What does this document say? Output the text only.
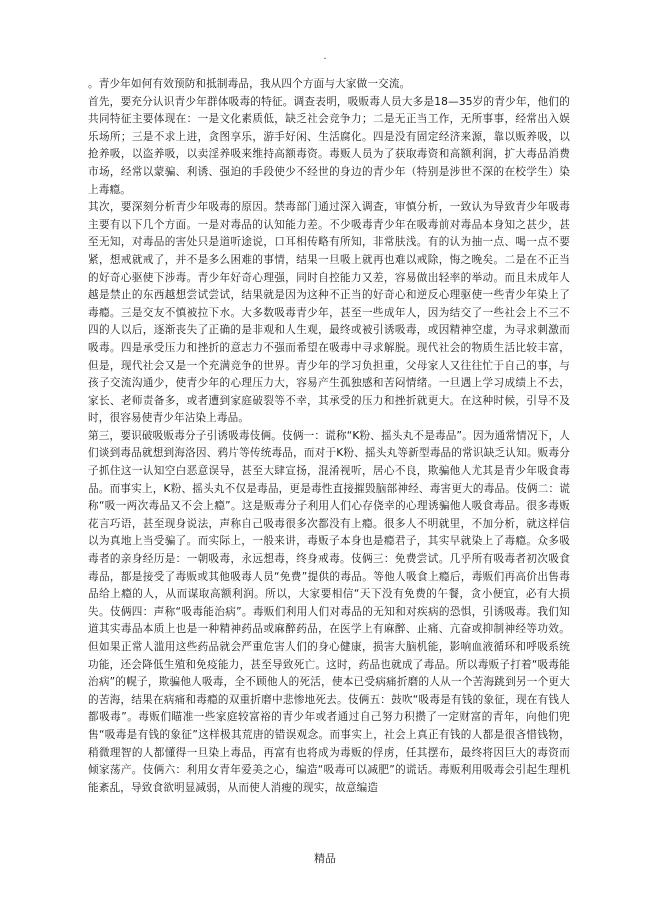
.

。青少年如何有效预防和抵制毒品，我从四个方面与大家做一交流。

首先，要充分认识青少年群体吸毒的特征。调查表明，吸贩毒人员大多是18—35岁的青少年，他们的共同特征主要体现在：一是文化素质低，缺乏社会竞争力；二是无正当工作，无所事事，经常出入娱乐场所；三是不求上进，贪图享乐，游手好闲、生活腐化。四是没有固定经济来源，靠以贩养吸，以抢养吸，以盗养吸，以卖淫养吸来维持高额毒资。毒贩人员为了获取毒资和高额利润，扩大毒品消费市场，经常以蒙骗、利诱、强迫的手段使少不经世的身边的青少年（特别是涉世不深的在校学生）染上毒瘾。

其次，要深刻分析青少年吸毒的原因。禁毒部门通过深入调查，审慎分析，一致认为导致青少年吸毒主要有以下几个方面。一是对毒品的认知能力差。不少吸毒青少年在吸毒前对毒品本身知之甚少，甚至无知，对毒品的害处只是道听途说，口耳相传略有所知，非常肤浅。有的认为抽一点、喝一点不要紧，想戒就戒了，并不是多么困难的事情，结果一旦吸上就再也难以戒除，悔之晚矣。二是在不正当的好奇心驱使下涉毒。青少年好奇心理强，同时自控能力又差，容易做出轻率的举动。而且未成年人越是禁止的东西越想尝试尝试，结果就是因为这种不正当的好奇心和逆反心理驱使一些青少年染上了毒瘾。三是交友不慎被拉下水。大多数吸毒青少年，甚至一些成年人，因为结交了一些社会上不三不四的人以后，逐渐丧失了正确的是非观和人生观，最终或被引诱吸毒，或因精神空虚，为寻求刺激而吸毒。四是承受压力和挫折的意志力不强而希望在吸毒中寻求解脱。现代社会的物质生活比较丰富，但是，现代社会又是一个充满竞争的世界。青少年的学习负担重，父母家人又往往忙于自己的事，与孩子交流沟通少，使青少年的心理压力大，容易产生孤独感和苦闷情绪。一旦遇上学习成绩上不去，家长、老师责备多，或者遭到家庭破裂等不幸，其承受的压力和挫折就更大。在这种时候，引导不及时，很容易使青少年沾染上毒品。

第三，要识破吸贩毒分子引诱吸毒伎俩。伎俩一：谎称“K粉、摇头丸不是毒品”。因为通常情况下，人们谈到毒品就想到海洛因、鸦片等传统毒品，而对于K粉、摇头丸等新型毒品的常识缺乏认知。贩毒分子抓住这一认知空白恶意误导，甚至大肆宣扬，混淆视听，居心不良，欺骗他人尤其是青少年吸食毒品。而事实上，K粉、摇头丸不仅是毒品，更是毒性直接摧毁脑部神经、毒害更大的毒品。伎俩二：谎称“吸一两次毒品又不会上瘾”。这是贩毒分子利用人们心存侥幸的心理诱骗他人吸食毒品。很多毒贩花言巧语，甚至现身说法，声称自己吸毒很多次都没有上瘾。很多人不明就里，不加分析，就这样信以为真地上当受骗了。而实际上，一般来讲，毒贩子本身也是瘾君子，其实早就染上了毒瘾。众多吸毒者的亲身经历是：一朝吸毒，永远想毒，终身戒毒。伎俩三：免费尝试。几乎所有吸毒者初次吸食毒品，都是接受了毒贩或其他吸毒人员“免费”提供的毒品。等他人吸食上瘾后，毒贩们再高价出售毒品给上瘾的人，从而谋取高额利润。所以，大家要相信“天下没有免费的午餐，贪小便宜，必有大损失。伎俩四：声称“吸毒能治病”。毒贩们利用人们对毒品的无知和对疾病的恐惧，引诱吸毒。我们知道其实毒品本质上也是一种精神药品或麻醉药品，在医学上有麻醉、止痛、亢奋或抑制神经等功效。但如果正常人滥用这些药品就会严重危害人们的身心健康，损害大脑机能，影响血液循环和呼吸系统功能，还会降低生殖和免疫能力，甚至导致死亡。这时，药品也就成了毒品。所以毒贩子打着“吸毒能治病”的幌子，欺骗他人吸毒，全不顾他人的死活，使本已受病痛折磨的人从一个苦海跳到另一个更大的苦海，结果在病痛和毒瘾的双重折磨中悲惨地死去。伎俩五：鼓吹“吸毒是有钱的象征，现在有钱人都吸毒”。毒贩们瞄准一些家庭较富裕的青少年或者通过自己努力积攒了一定财富的青年，向他们兜售“吸毒是有钱的象征”这样极其荒唐的错误观念。而事实上，社会上真正有钱的人都是很吝惜钱物，稍微理智的人都懂得一旦染上毒品，再富有也将成为毒贩的俘虏，任其摆布，最终将因巨大的毒资而倾家荡产。伎俩六：利用女青年爱美之心，编造“吸毒可以减肥”的谎话。毒贩利用吸毒会引起生理机能紊乱，导致食欲明显减弱，从而使人消瘦的现实，故意编造

精品
